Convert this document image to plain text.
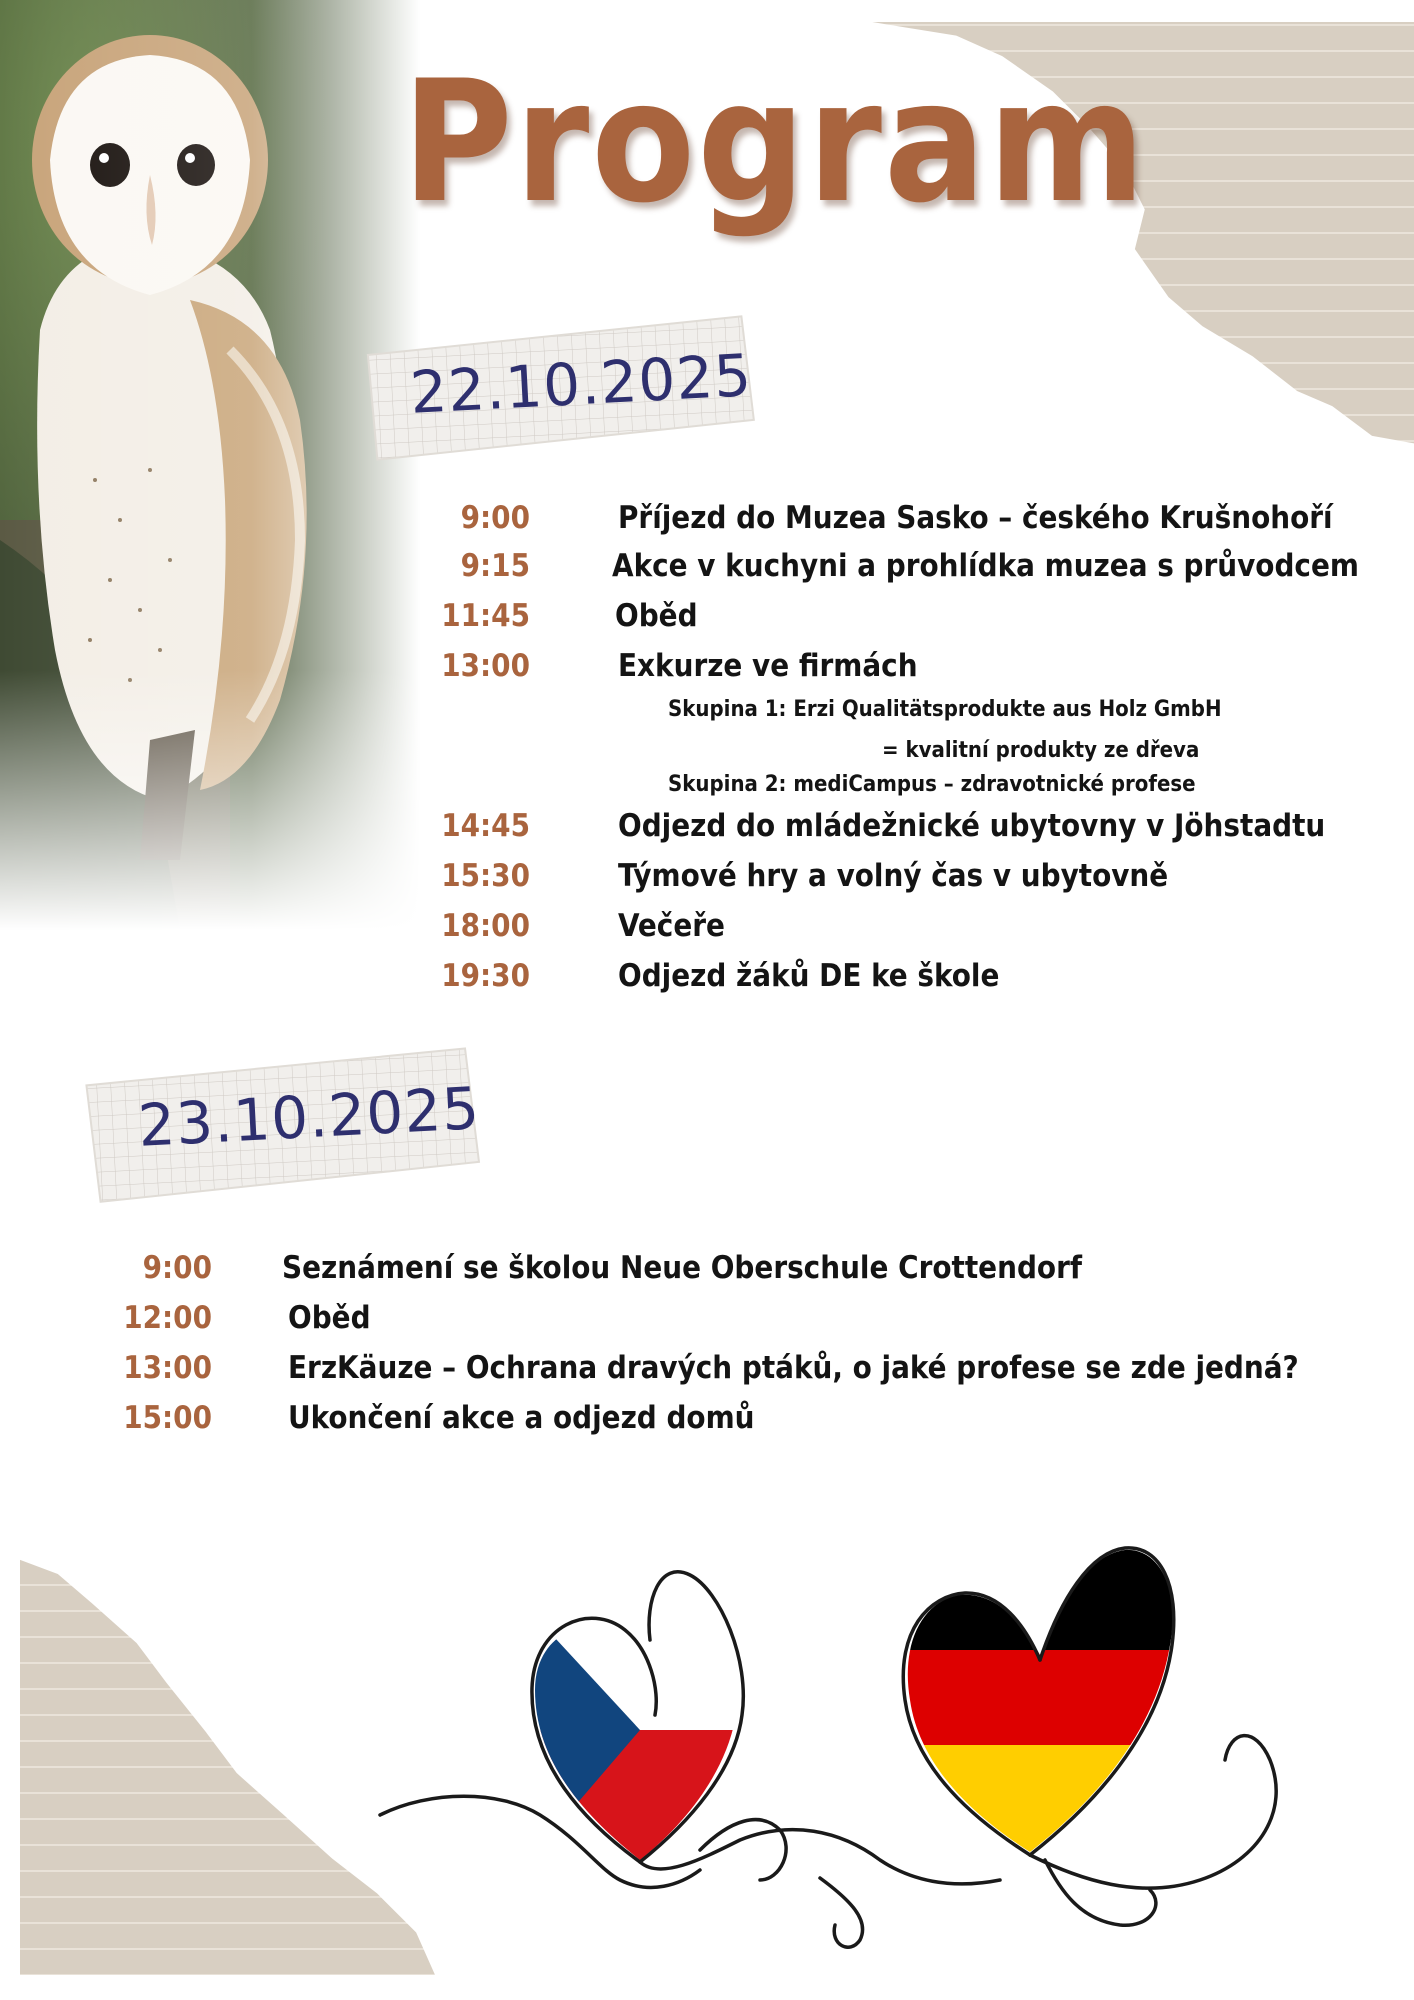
Program
22.10.2025
23.10.2025
9:00	Příjezd do Muzea Sasko – českého Krušnohoří
9:15	Akce v kuchyni a prohlídka muzea s průvodcem
11:45	Oběd
13:00	Exkurze ve firmách
Skupina 1: Erzi Qualitätsprodukte aus Holz GmbH
= kvalitní produkty ze dřeva
Skupina 2: mediCampus – zdravotnické profese
14:45	Odjezd do mládežnické ubytovny v Jöhstadtu
15:30	Týmové hry a volný čas v ubytovně
18:00	Večeře
19:30	Odjezd žáků DE ke škole
9:00 Seznámení se školou Neue Oberschule Crottendorf
12:00 Oběd
13:00 ErzKäuze – Ochrana dravých ptáků, o jaké profese se zde jedná?
15:00 Ukončení akce a odjezd domů
